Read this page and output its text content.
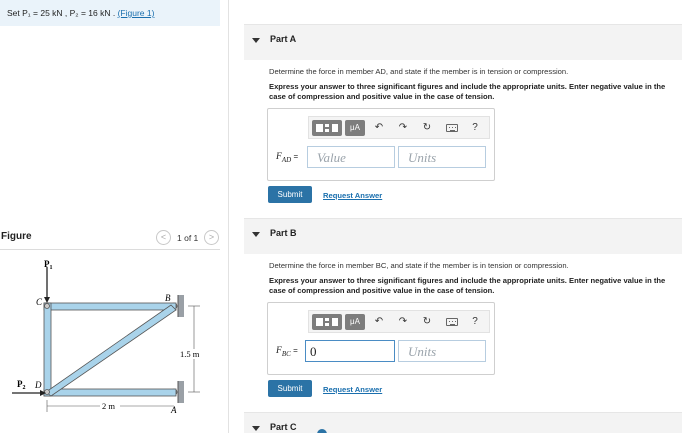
Set P₁ = 25 kN , P₂ = 16 kN . (Figure 1)
Figure	<	1 of 1	>
$P_1$
$P_2$
C
D
B
A
1.5 m
2 m
Part A
Determine the force in member AD, and state if the member is in tension or compression.
Express your answer to three significant figures and include the appropriate units. Enter negative value in the case of compression and positive value in the case of tension.
μA	↶	↷	↻	?
$F_{AD}$ =	Value	Units
Submit	Request Answer
Part B
Determine the force in member BC, and state if the member is in tension or compression.
Express your answer to three significant figures and include the appropriate units. Enter negative value in the case of compression and positive value in the case of tension.
μA	↶	↷	↻	?
$F_{BC} = 0$	Units
Submit	Request Answer
Part C
